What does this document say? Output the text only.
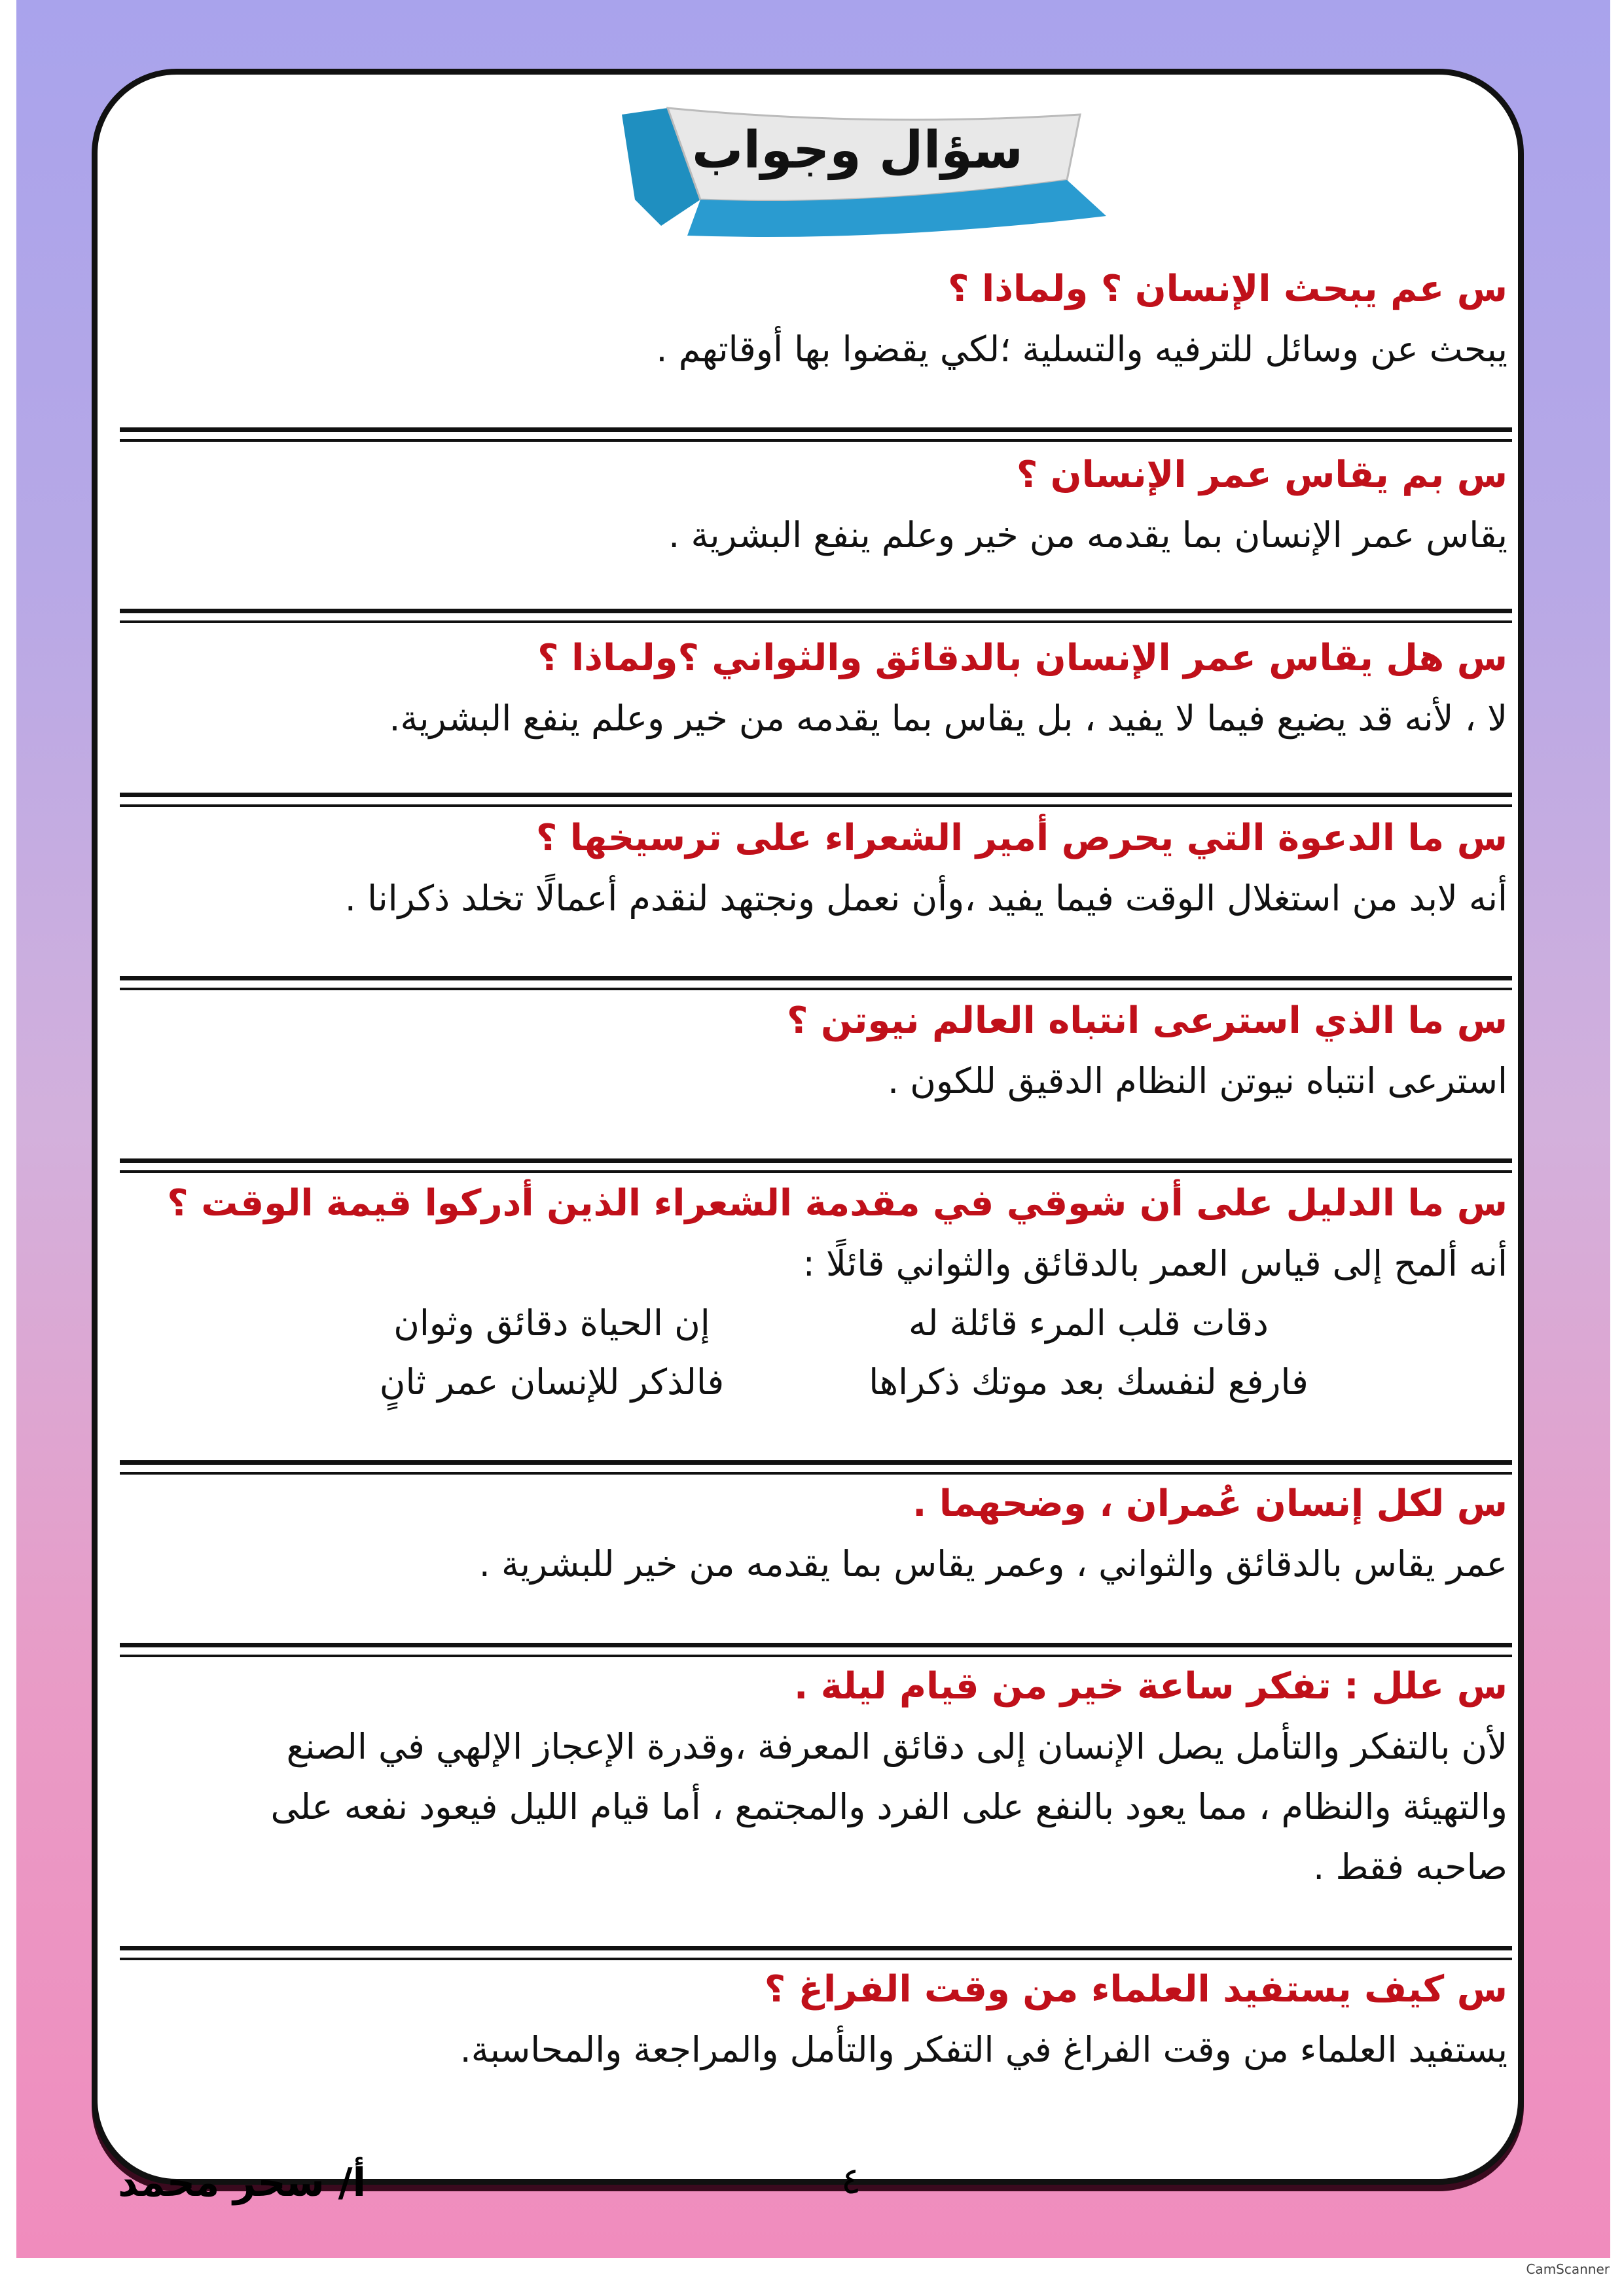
سؤال وجواب
س عم يبحث الإنسان ؟ ولماذا ؟
يبحث عن وسائل للترفيه والتسلية ؛لكي يقضوا بها أوقاتهم .
س بم يقاس عمر الإنسان ؟
يقاس عمر الإنسان بما يقدمه من خير وعلم ينفع البشرية .
س هل يقاس عمر الإنسان بالدقائق والثواني ؟ولماذا ؟
لا ، لأنه قد يضيع فيما لا يفيد ، بل يقاس بما يقدمه من خير وعلم ينفع البشرية.
س ما الدعوة التي يحرص أمير الشعراء على ترسيخها ؟
أنه لابد من استغلال الوقت فيما يفيد ،وأن نعمل ونجتهد لنقدم أعمالًا تخلد ذكرانا .
س ما الذي استرعى انتباه العالم نيوتن ؟
استرعى انتباه نيوتن النظام الدقيق للكون .
س ما الدليل على أن شوقي في مقدمة الشعراء الذين أدركوا قيمة الوقت ؟
أنه ألمح إلى قياس العمر بالدقائق والثواني قائلًا :
دقات قلب المرء قائلة له
إن الحياة دقائق وثوان
فارفع لنفسك بعد موتك ذكراها
فالذكر للإنسان عمر ثانٍ
س لكل إنسان عُمران ، وضحهما .
عمر يقاس بالدقائق والثواني ، وعمر يقاس بما يقدمه من خير للبشرية .
س علل : تفكر ساعة خير من قيام ليلة .
لأن بالتفكر والتأمل يصل الإنسان إلى دقائق المعرفة ،وقدرة الإعجاز الإلهي في الصنع
والتهيئة والنظام ، مما يعود بالنفع على الفرد والمجتمع ، أما قيام الليل فيعود نفعه على
صاحبه فقط .
س كيف يستفيد العلماء من وقت الفراغ ؟
يستفيد العلماء من وقت الفراغ في التفكر والتأمل والمراجعة والمحاسبة.
أ/ سحر محمد	٤
CamScanner
